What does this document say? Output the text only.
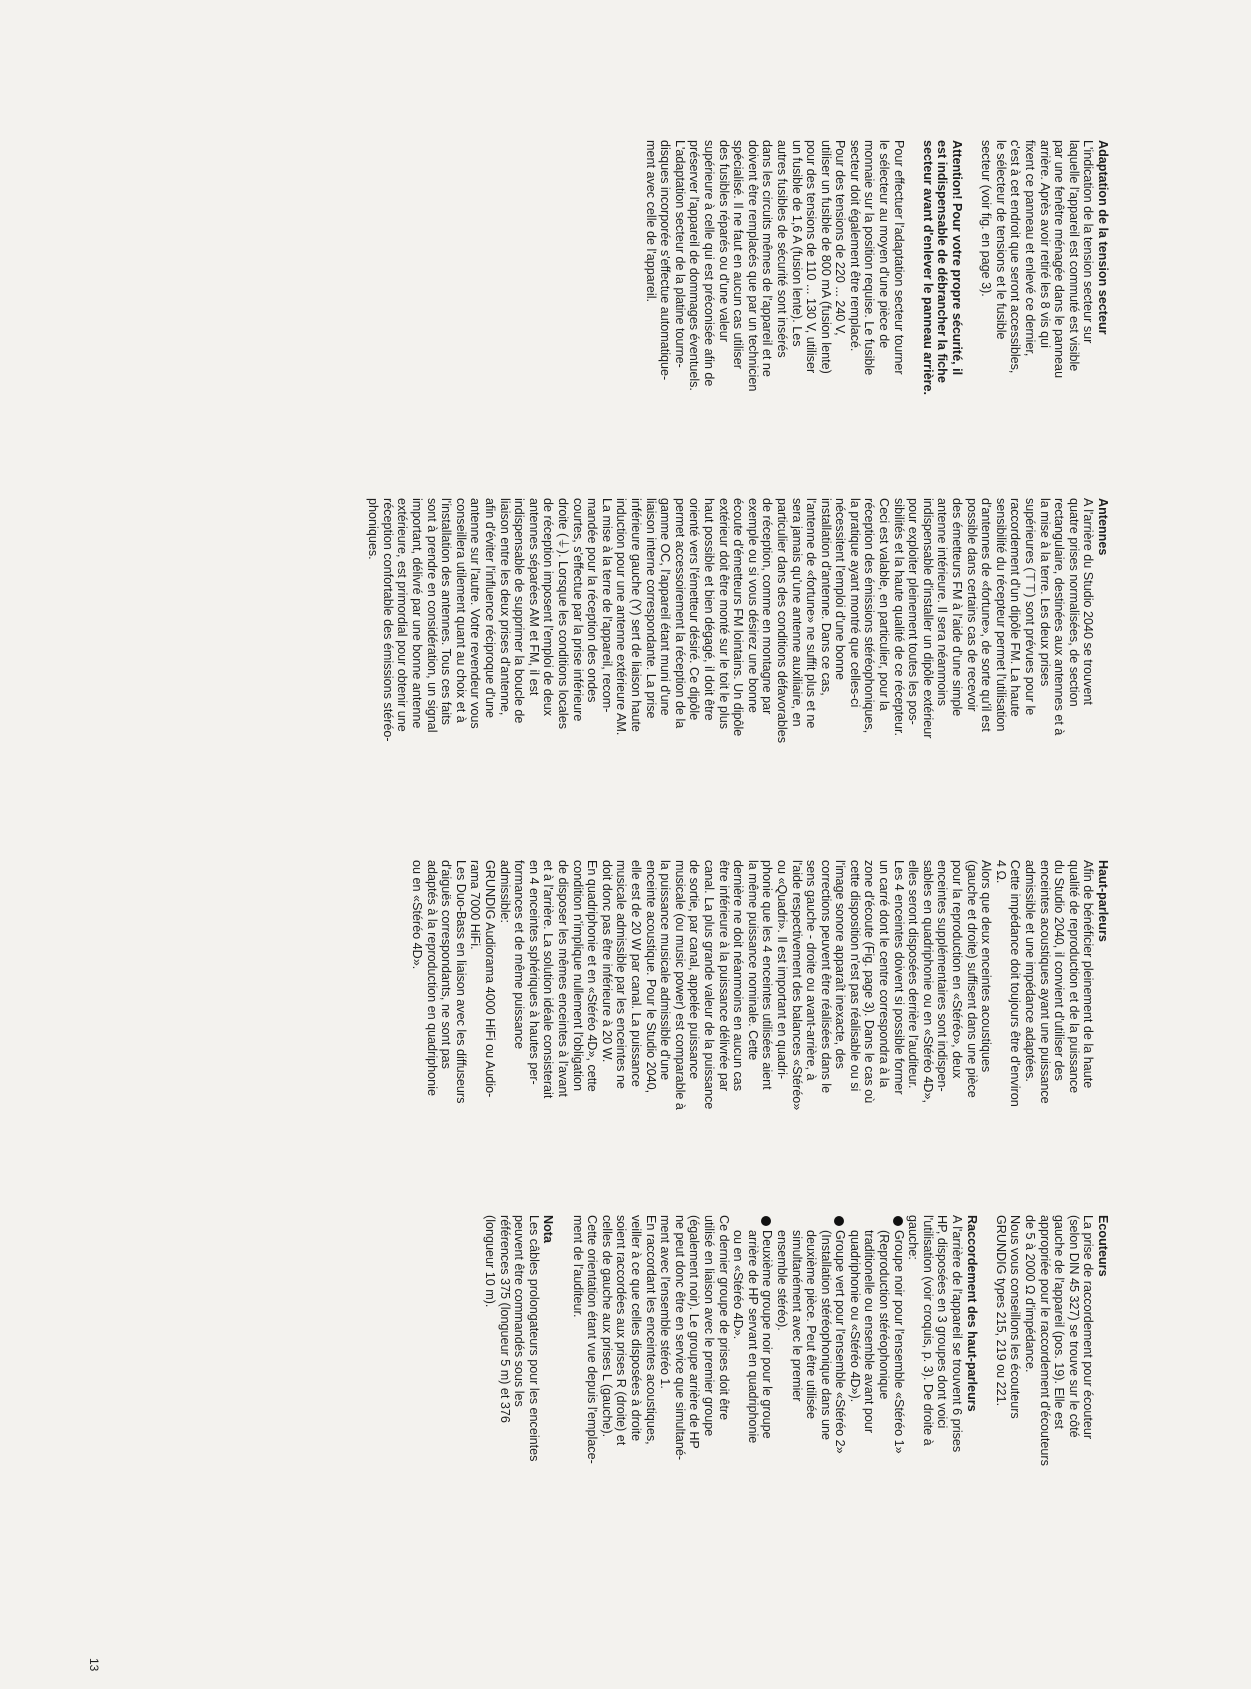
Adaptation de la tension secteur

L'indication de la tension secteur sur

laquelle l'appareil est commuté est visible

par une fenêtre ménagée dans le panneau

arrière. Après avoir retiré les 8 vis qui

fixent ce panneau et enlevé ce dernier,

c'est à cet endroit que seront accessibles,

le sélecteur de tensions et le fusible

secteur (voir fig. en page 3).

Attention! Pour votre propre sécurité, il

est indispensable de débrancher la fiche

secteur avant d'enlever le panneau arrière.

Pour effectuer l'adaptation secteur tourner

le sélecteur au moyen d'une pièce de

monnaie sur la position requise. Le fusible

secteur doit également être remplacé.

Pour des tensions de 220 ... 240 V,

utiliser un fusible de 800 mA (fusion lente)

pour des tensions de 110 ... 130 V, utiliser

un fusible de 1,6 A (fusion lente). Les

autres fusibles de sécurité sont insérés

dans les circuits mêmes de l'appareil et ne

doivent être remplacés que par un technicien

spécialisé. Il ne faut en aucun cas utiliser

des fusibles réparés ou d'une valeur

supérieure à celle qui est préconisée afin de

préserver l'appareil de dommages éventuels.

L'adaptation secteur de la platine tourne-

disques incorporée s'effectue automatique-

ment avec celle de l'appareil.

Antennes

A l'arrière du Studio 2040 se trouvent

quatre prises normalisées, de section

rectangulaire, destinées aux antennes et à

la mise à la terre. Les deux prises

supérieures (⊤⊤) sont prévues pour le

raccordement d'un dipôle FM. La haute

sensibilité du récepteur permet l'utilisation

d'antennes de «fortune», de sorte qu'il est

possible dans certains cas de recevoir

des émetteurs FM à l'aide d'une simple

antenne intérieure. Il sera néanmoins

indispensable d'installer un dipôle extérieur

pour exploiter pleinement toutes les pos-

sibilités et la haute qualité de ce récepteur.

Ceci est valable, en particulier, pour la

réception des émissions stéréophoniques,

la pratique ayant montré que celles-ci

nécessitent l'emploi d'une bonne

installation d'antenne. Dans ce cas,

l'antenne de «fortune» ne suffit plus et ne

sera jamais qu'une antenne auxiliaire, en

particulier dans des conditions défavorables

de réception, comme en montagne par

exemple ou si vous désirez une bonne

écoute d'émetteurs FM lointains. Un dipôle

extérieur doit être monté sur le toit le plus

haut possible et bien dégagé, il doit être

orienté vers l'émetteur désiré. Ce dipôle

permet accessoirement la réception de la

gamme OC, l'appareil étant muni d'une

liaison interne correspondante. La prise

inférieure gauche (Y) sert de liaison haute

induction pour une antenne extérieure AM.

La mise à la terre de l'appareil, recom-

mandée pour la réception des ondes

courtes, s'effectue par la prise inférieure

droite (⏚). Lorsque les conditions locales

de réception imposent l'emploi de deux

antennes séparées AM et FM, il est

indispensable de supprimer la boucle de

liaison entre les deux prises d'antenne,

afin d'éviter l'influence réciproque d'une

antenne sur l'autre. Votre revendeur vous

conseillera utilement quant au choix et à

l'installation des antennes. Tous ces faits

sont à prendre en considération, un signal

important, délivré par une bonne antenne

extérieure, est primordial pour obtenir une

réception confortable des émissions stéréo-

phoniques.

Haut-parleurs

Afin de bénéficier pleinement de la haute

qualité de reproduction et de la puissance

du Studio 2040, il convient d'utiliser des

enceintes acoustiques ayant une puissance

admissible et une impédance adaptées.

Cette impédance doit toujours être d'environ

4 Ω.

Alors que deux enceintes acoustiques

(gauche et droite) suffisent dans une pièce

pour la reproduction en «Stéréo», deux

enceintes supplémentaires sont indispen-

sables en quadriphonie ou en «Stéréo 4D»,

elles seront disposées derrière l'auditeur.

Les 4 enceintes doivent si possible former

un carré dont le centre correspondra à la

zone d'écoute (Fig. page 3). Dans le cas où

cette disposition n'est pas réalisable ou si

l'image sonore apparaît inexacte, des

corrections peuvent être réalisées dans le

sens gauche - droite ou avant-arrière, à

l'aide respectivement des balances «Stéréo»

ou «Quadri». Il est important en quadri-

phonie que les 4 enceintes utilisées aient

la même puissance nominale. Cette

dernière ne doit néanmoins en aucun cas

être inférieure à la puissance délivrée par

canal. La plus grande valeur de la puissance

de sortie, par canal, appelée puissance

musicale (ou music power) est comparable à

la puissance musicale admissible d'une

enceinte acoustique. Pour le Studio 2040,

elle est de 20 W par canal. La puissance

musicale admissible par les enceintes ne

doit donc pas être inférieure à 20 W.

En quadriphonie et en «Stéréo 4D», cette

condition n'implique nullement l'obligation

de disposer les mêmes enceintes à l'avant

et à l'arrière. La solution idéale consisterait

en 4 enceintes sphériques à hautes per-

formances et de même puissance

admissible:

GRUNDIG Audiorama 4000 HiFi ou Audio-

rama 7000 HiFi.

Les Duo-Bass en liaison avec les diffuseurs

d'aiguës correspondants, ne sont pas

adaptés à la reproduction en quadriphonie

ou en «Stéréo 4D».

Ecouteurs

La prise de raccordement pour écouteur

(selon DIN 45 327) se trouve sur le côté

gauche de l'appareil (pos. 19). Elle est

appropriée pour le raccordement d'écouteurs

de 5 à 2000 Ω d'impédance.

Nous vous conseillons les écouteurs

GRUNDIG types 215, 219 ou 221.

Raccordement des haut-parleurs

A l'arrière de l'appareil se trouvent 6 prises

HP, disposées en 3 groupes dont voici

l'utilisation (voir croquis, p. 3). De droite à

gauche:

Groupe noir pour l'ensemble «Stéréo 1»

(Reproduction stéréophonique

traditionelle ou ensemble avant pour

quadriphonie ou «Stéréo 4D»).

Groupe vert pour l'ensemble «Stéréo 2»

(Installation stéréophonique dans une

deuxième pièce. Peut être utilisée

simultanément avec le premier

ensemble stéréo).

Deuxième groupe noir pour le groupe

arrière de HP servant en quadriphonie

ou en «Stéréo 4D».

Ce dernier groupe de prises doit être

utilisé en liaison avec le premier groupe

(également noir). Le groupe arrière de HP

ne peut donc être en service que simultané-

ment avec l'ensemble stéréo 1.

En raccordant les enceintes acoustiques,

veiller à ce que celles disposées à droite

soient raccordées aux prises R (droite) et

celles de gauche aux prises L (gauche).

Cette orientation étant vue depuis l'emplace-

ment de l'auditeur.

Nota

Les câbles prolongateurs pour les enceintes

peuvent être commandés sous les

références 375 (longueur 5 m) et 376

(longueur 10 m).

13
